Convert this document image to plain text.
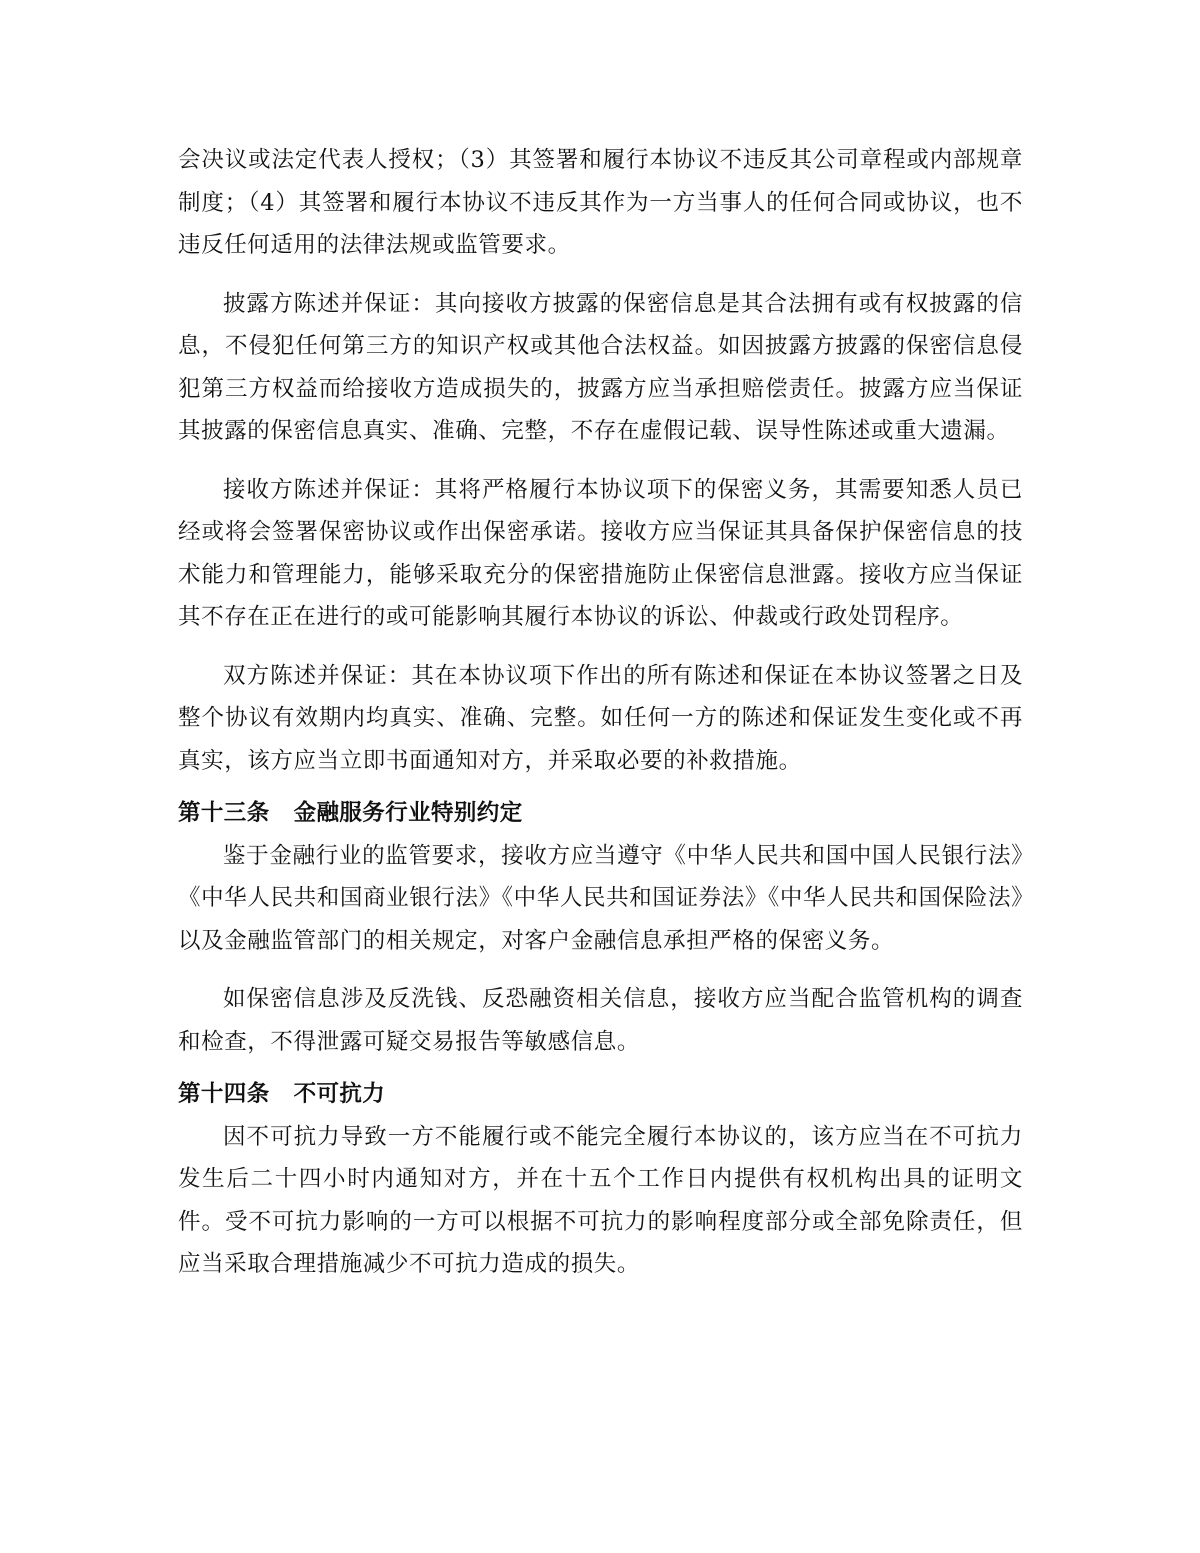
会决议或法定代表人授权；（3）其签署和履行本协议不违反其公司章程或内部规章制度；（4）其签署和履行本协议不违反其作为一方当事人的任何合同或协议，也不违反任何适用的法律法规或监管要求。

披露方陈述并保证：其向接收方披露的保密信息是其合法拥有或有权披露的信息，不侵犯任何第三方的知识产权或其他合法权益。如因披露方披露的保密信息侵犯第三方权益而给接收方造成损失的，披露方应当承担赔偿责任。披露方应当保证其披露的保密信息真实、准确、完整，不存在虚假记载、误导性陈述或重大遗漏。

接收方陈述并保证：其将严格履行本协议项下的保密义务，其需要知悉人员已经或将会签署保密协议或作出保密承诺。接收方应当保证其具备保护保密信息的技术能力和管理能力，能够采取充分的保密措施防止保密信息泄露。接收方应当保证其不存在正在进行的或可能影响其履行本协议的诉讼、仲裁或行政处罚程序。

双方陈述并保证：其在本协议项下作出的所有陈述和保证在本协议签署之日及整个协议有效期内均真实、准确、完整。如任何一方的陈述和保证发生变化或不再真实，该方应当立即书面通知对方，并采取必要的补救措施。

第十三条 金融服务行业特别约定

鉴于金融行业的监管要求，接收方应当遵守《中华人民共和国中国人民银行法》《中华人民共和国商业银行法》《中华人民共和国证券法》《中华人民共和国保险法》以及金融监管部门的相关规定，对客户金融信息承担严格的保密义务。

如保密信息涉及反洗钱、反恐融资相关信息，接收方应当配合监管机构的调查和检查，不得泄露可疑交易报告等敏感信息。

第十四条 不可抗力

因不可抗力导致一方不能履行或不能完全履行本协议的，该方应当在不可抗力发生后二十四小时内通知对方，并在十五个工作日内提供有权机构出具的证明文件。受不可抗力影响的一方可以根据不可抗力的影响程度部分或全部免除责任，但应当采取合理措施减少不可抗力造成的损失。
